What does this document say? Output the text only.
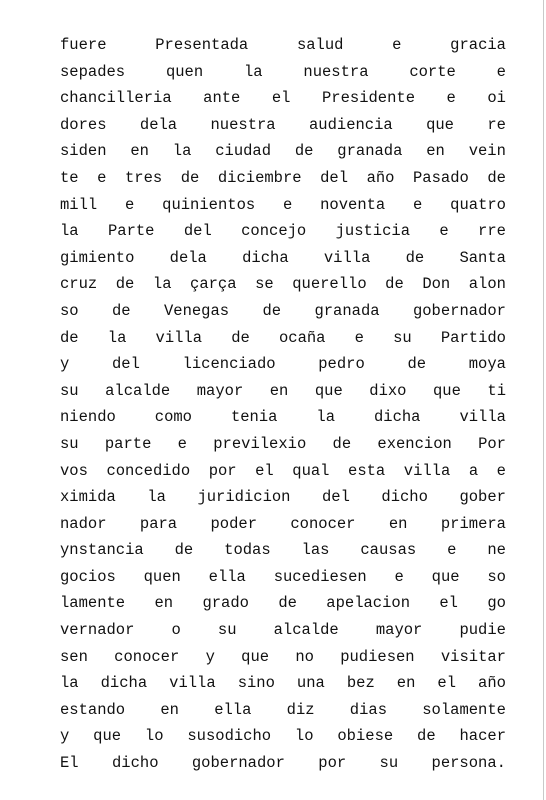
fuere	Presentada	salud	e	gracia
sepades	quen	la	nuestra	corte	e
chancilleria ante el Presidente e oi
dores dela nuestra audiencia que re
siden en la ciudad de granada en vein
te e tres de diciembre del año Pasado de
mill e quinientos e noventa e quatro
la Parte del concejo justicia e rre
gimiento dela dicha villa de Santa
cruz de la çarça se querello de Don alon
so de Venegas de granada gobernador
de la villa de ocaña e su Partido
y	del	licenciado	pedro	de	moya
su alcalde mayor en que dixo que ti
niendo	como	tenia	la	dicha	villa
su parte e previlexio de exencion Por
vos concedido por el qual esta villa a e
ximida la juridicion del dicho gober
nador para poder conocer en primera
ynstancia de todas las causas e ne
gocios quen ella sucediesen e que so
lamente en grado de apelacion el go
vernador o su alcalde mayor pudie
sen conocer y que no pudiesen visitar
la dicha villa sino una bez en el año
estando en ella diz dias solamente
y que lo susodicho lo obiese de hacer
El dicho gobernador por su persona.
